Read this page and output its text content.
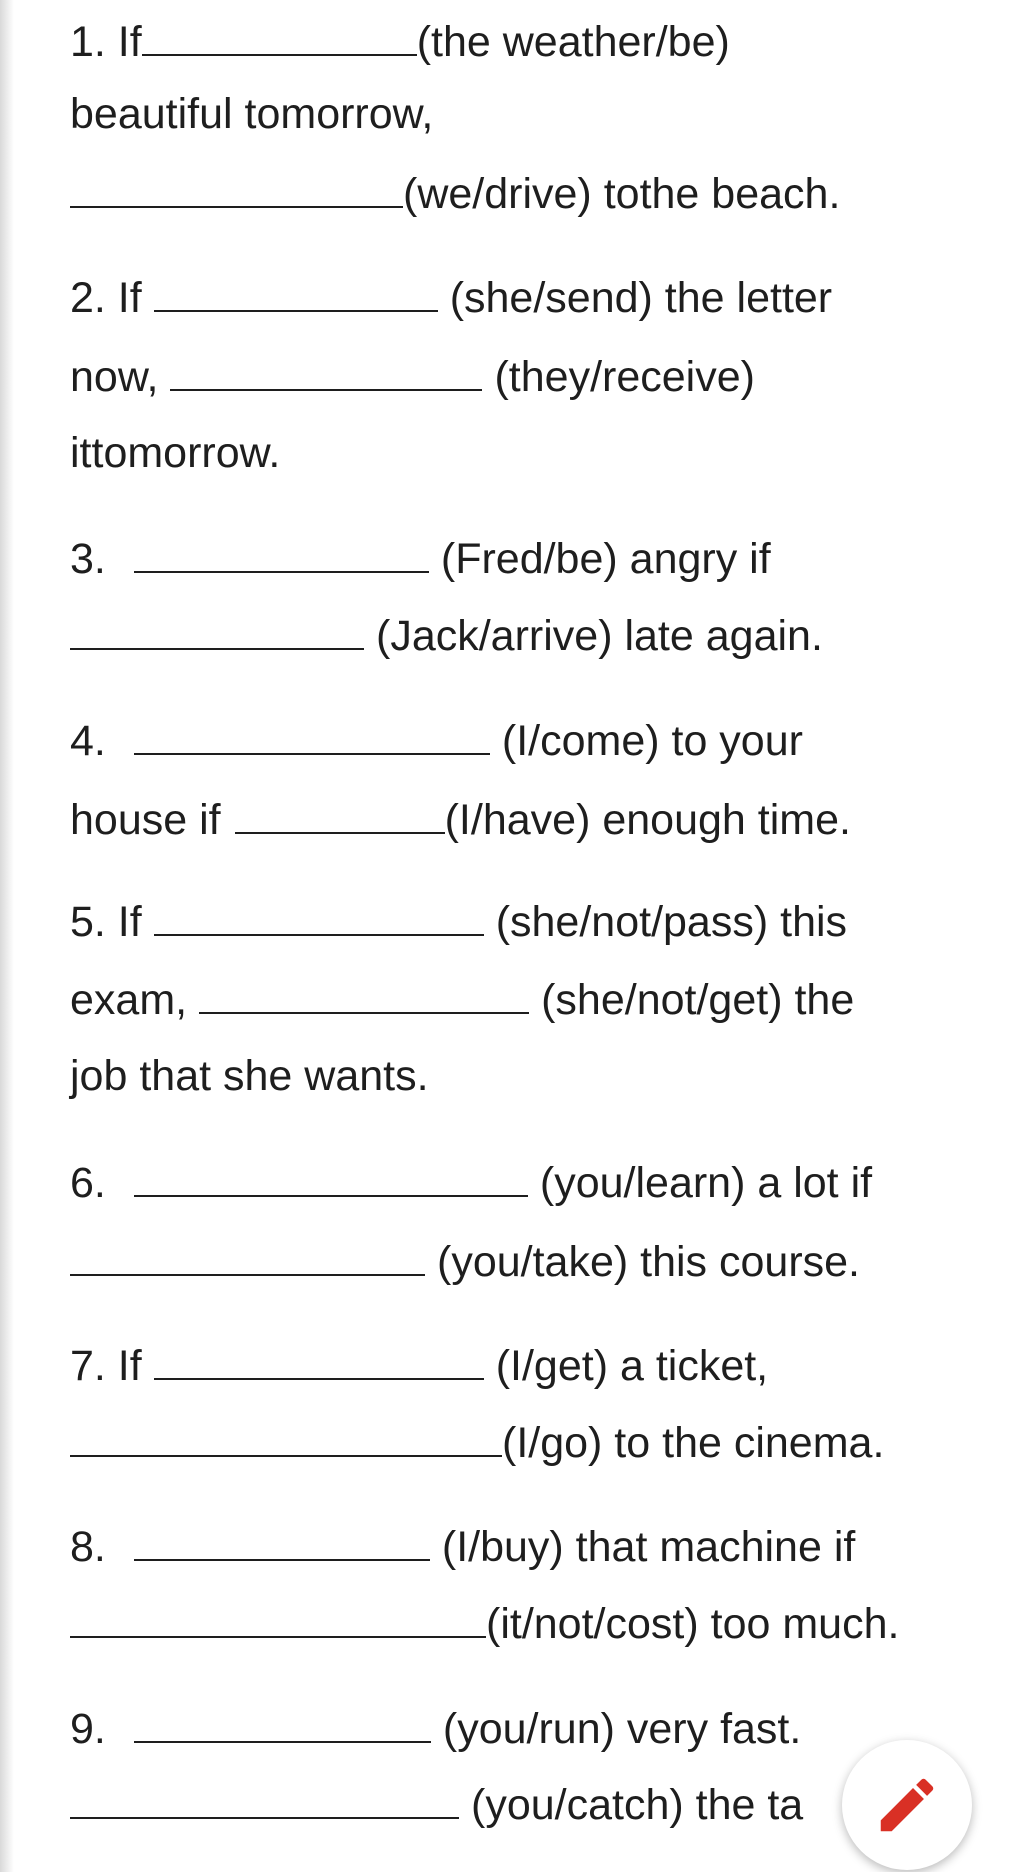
1. If	(the weather/be)
beautiful tomorrow,
(we/drive) tothe beach.
2. If	(she/send) the letter
now,	(they/receive)
ittomorrow.
3.	(Fred/be) angry if
(Jack/arrive) late again.
4.	(I/come) to your
house if	(I/have) enough time.
5. If	(she/not/pass) this
exam,	(she/not/get) the
job that she wants.
6.	(you/learn) a lot if
(you/take) this course.
7. If	(I/get) a ticket,
(I/go) to the cinema.
8.	(I/buy) that machine if
(it/not/cost) too much.
9.	(you/run) very fast.
(you/catch) the ta
